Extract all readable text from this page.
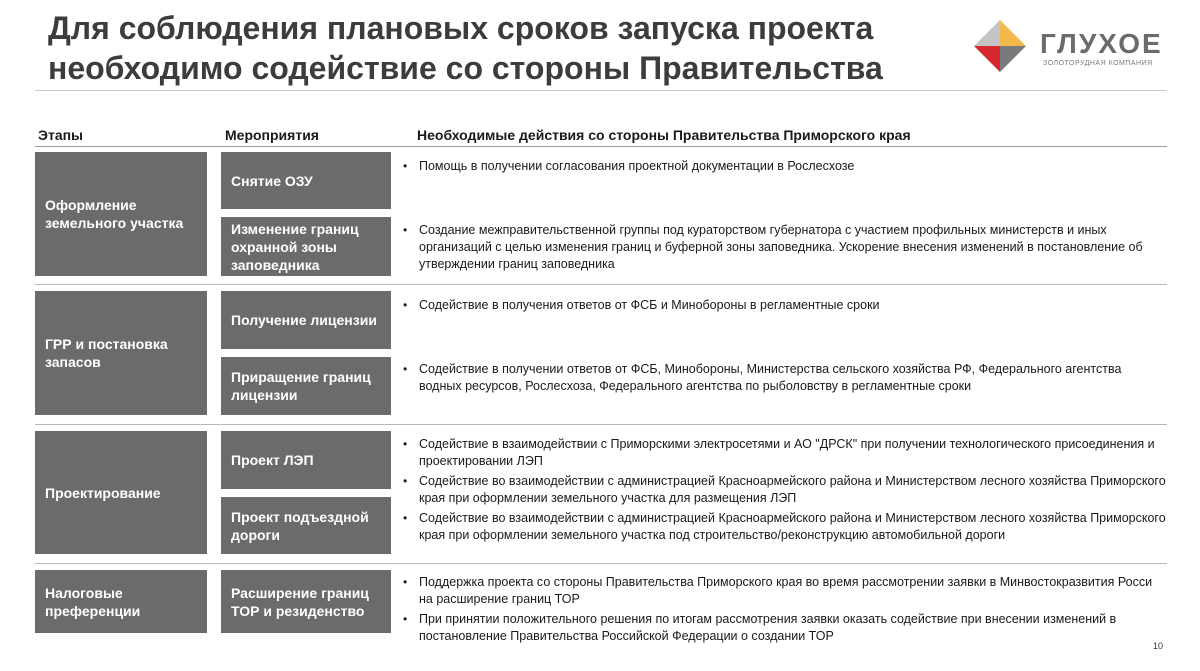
Для соблюдения плановых сроков запуска проекта
необходимо содействие со стороны Правительства
ГЛУХОЕ
ЗОЛОТОРУДНАЯ КОМПАНИЯ
Этапы	Мероприятия	Необходимые действия со стороны Правительства Приморского края
Оформление земельного участка
Снятие ОЗУ
Изменение границ охранной зоны заповедника
• Помощь в получении согласования проектной документации в Рослесхозе
• Создание межправительственной группы под кураторством губернатора с участием профильных министерств и иных организаций с целью изменения границ и буферной зоны заповедника. Ускорение внесения изменений в постановление об утверждении границ заповедника
ГРР и постановка запасов
Получение лицензии
Приращение границ лицензии
• Содействие в получения ответов от ФСБ и Минобороны в регламентные сроки
• Содействие в получении ответов от ФСБ, Минобороны, Министерства сельского хозяйства РФ, Федерального агентства водных ресурсов, Рослесхоза, Федерального агентства по рыболовству в регламентные сроки
Проектирование
Проект ЛЭП
Проект подъездной дороги
• Содействие в взаимодействии с Приморскими электросетями и АО "ДРСК" при получении технологического присоединения и проектировании ЛЭП
• Содействие во взаимодействии с администрацией Красноармейского района и Министерством лесного хозяйства Приморского края при оформлении земельного участка для размещения ЛЭП
• Содействие во взаимодействии с администрацией Красноармейского района и Министерством лесного хозяйства Приморского края при оформлении земельного участка под строительство/реконструкцию автомобильной дороги
Налоговые преференции
Расширение границ ТОР и резиденство
• Поддержка проекта со стороны Правительства Приморского края во время рассмотрении заявки в Минвостокразвития Росси на расширение границ ТОР
• При принятии положительного решения по итогам рассмотрения заявки оказать содействие при внесении изменений в постановление Правительства Российской Федерации о создании ТОР
10
